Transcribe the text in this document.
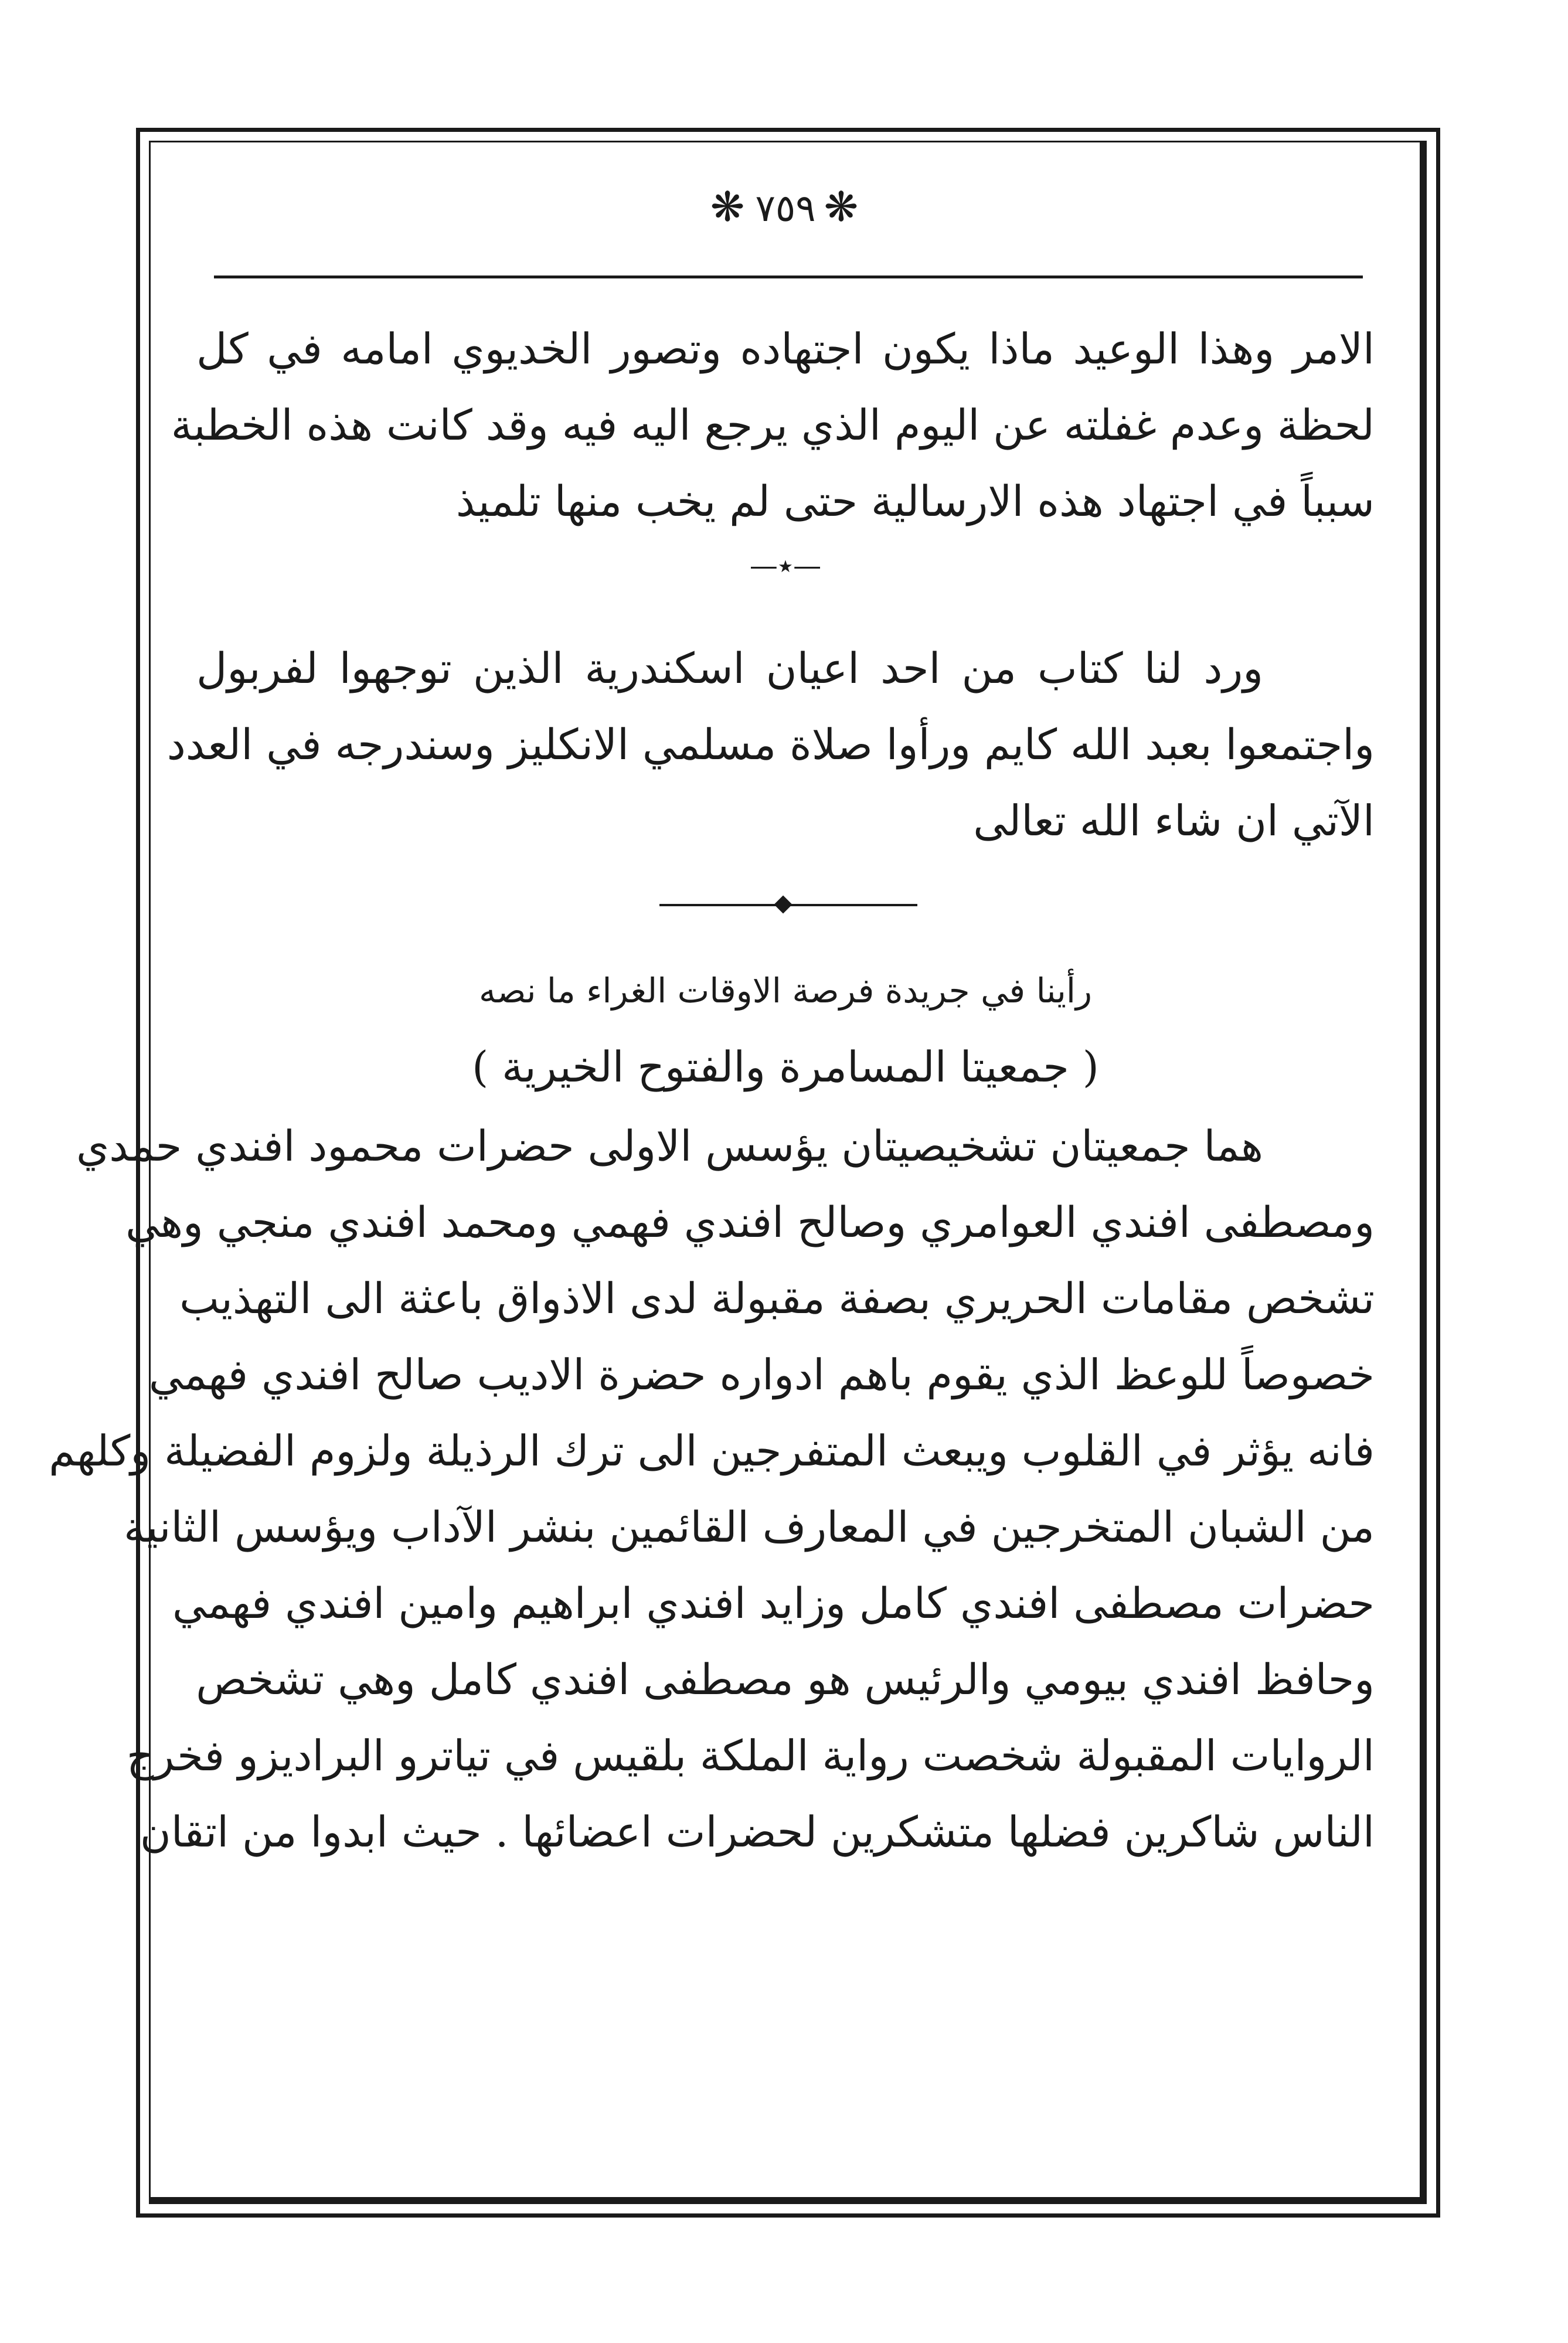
❋٧٥٩❋
الامر وهذا الوعيد ماذا يكون اجتهاده وتصور الخديوي امامه في كل
لحظة وعدم غفلته عن اليوم الذي يرجع اليه فيه وقد كانت هذه الخطبة
سبباً في اجتهاد هذه الارسالية حتى لم يخب منها تلميذ
—٭—
ورد لنا كتاب من احد اعيان اسكندرية الذين توجهوا لفربول
واجتمعوا بعبد الله كايم ورأوا صلاة مسلمي الانكليز وسندرجه في العدد
الآتي ان شاء الله تعالى
رأينا في جريدة فرصة الاوقات الغراء ما نصه
( جمعيتا المسامرة والفتوح الخيرية )
هما جمعيتان تشخيصيتان يؤسس الاولى حضرات محمود افندي حمدي
ومصطفى افندي العوامري وصالح افندي فهمي ومحمد افندي منجي وهي
تشخص مقامات الحريري بصفة مقبولة لدى الاذواق باعثة الى التهذيب
خصوصاً للوعظ الذي يقوم باهم ادواره حضرة الاديب صالح افندي فهمي
فانه يؤثر في القلوب ويبعث المتفرجين الى ترك الرذيلة ولزوم الفضيلة وكلهم
من الشبان المتخرجين في المعارف القائمين بنشر الآداب ويؤسس الثانية
حضرات مصطفى افندي كامل وزايد افندي ابراهيم وامين افندي فهمي
وحافظ افندي بيومي والرئيس هو مصطفى افندي كامل وهي تشخص
الروايات المقبولة شخصت رواية الملكة بلقيس في تياترو البراديزو فخرج
الناس شاكرين فضلها متشكرين لحضرات اعضائها . حيث ابدوا من اتقان
